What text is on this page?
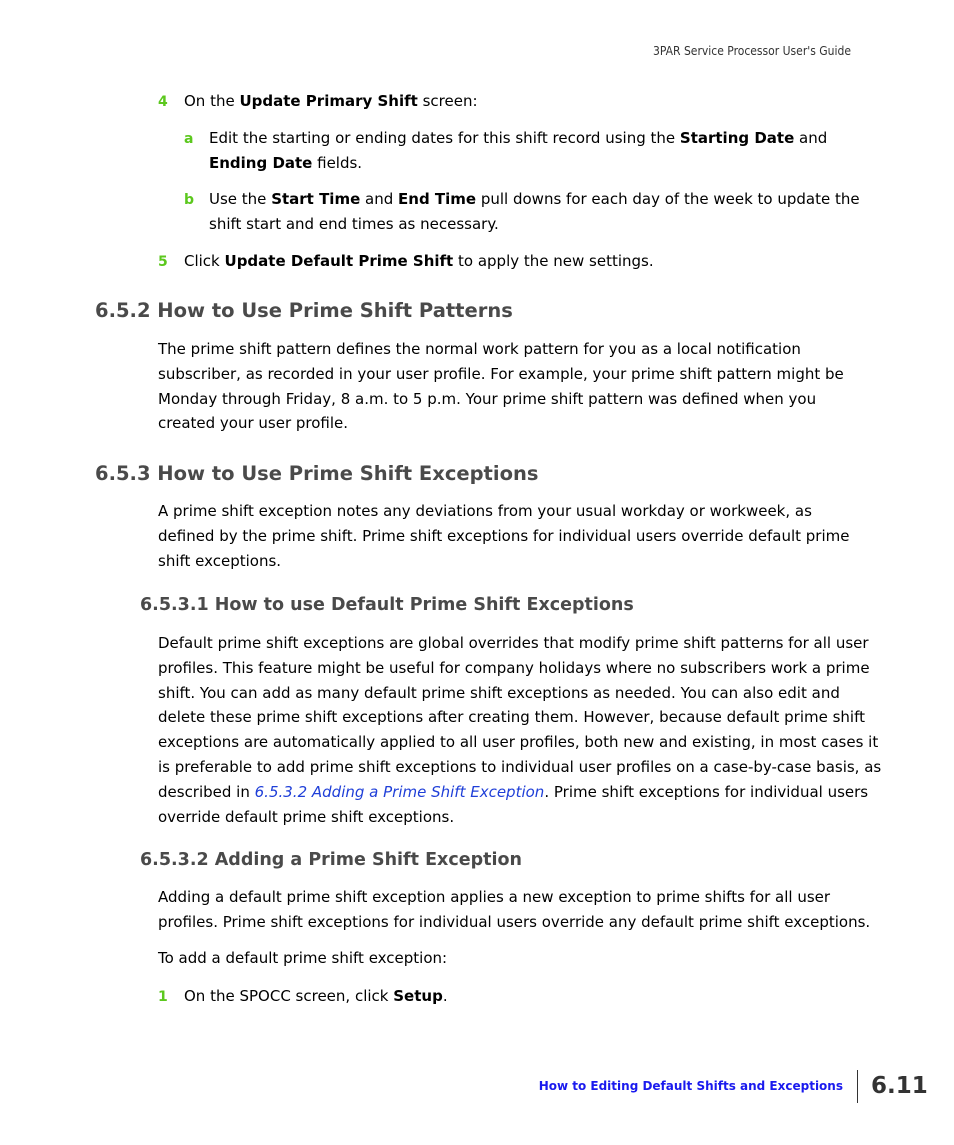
3PAR Service Processor User's Guide
4 On the Update Primary Shift screen:
a Edit the starting or ending dates for this shift record using the Starting Date and
Ending Date fields.
b Use the Start Time and End Time pull downs for each day of the week to update the
shift start and end times as necessary.
5 Click Update Default Prime Shift to apply the new settings.
6.5.2 How to Use Prime Shift Patterns
The prime shift pattern defines the normal work pattern for you as a local notification
subscriber, as recorded in your user profile. For example, your prime shift pattern might be
Monday through Friday, 8 a.m. to 5 p.m. Your prime shift pattern was defined when you
created your user profile.
6.5.3 How to Use Prime Shift Exceptions
A prime shift exception notes any deviations from your usual workday or workweek, as
defined by the prime shift. Prime shift exceptions for individual users override default prime
shift exceptions.
6.5.3.1 How to use Default Prime Shift Exceptions
Default prime shift exceptions are global overrides that modify prime shift patterns for all user
profiles. This feature might be useful for company holidays where no subscribers work a prime
shift. You can add as many default prime shift exceptions as needed. You can also edit and
delete these prime shift exceptions after creating them. However, because default prime shift
exceptions are automatically applied to all user profiles, both new and existing, in most cases it
is preferable to add prime shift exceptions to individual user profiles on a case-by-case basis, as
described in 6.5.3.2 Adding a Prime Shift Exception. Prime shift exceptions for individual users
override default prime shift exceptions.
6.5.3.2 Adding a Prime Shift Exception
Adding a default prime shift exception applies a new exception to prime shifts for all user
profiles. Prime shift exceptions for individual users override any default prime shift exceptions.
To add a default prime shift exception:
1 On the SPOCC screen, click Setup.
How to Editing Default Shifts and Exceptions 6.11
